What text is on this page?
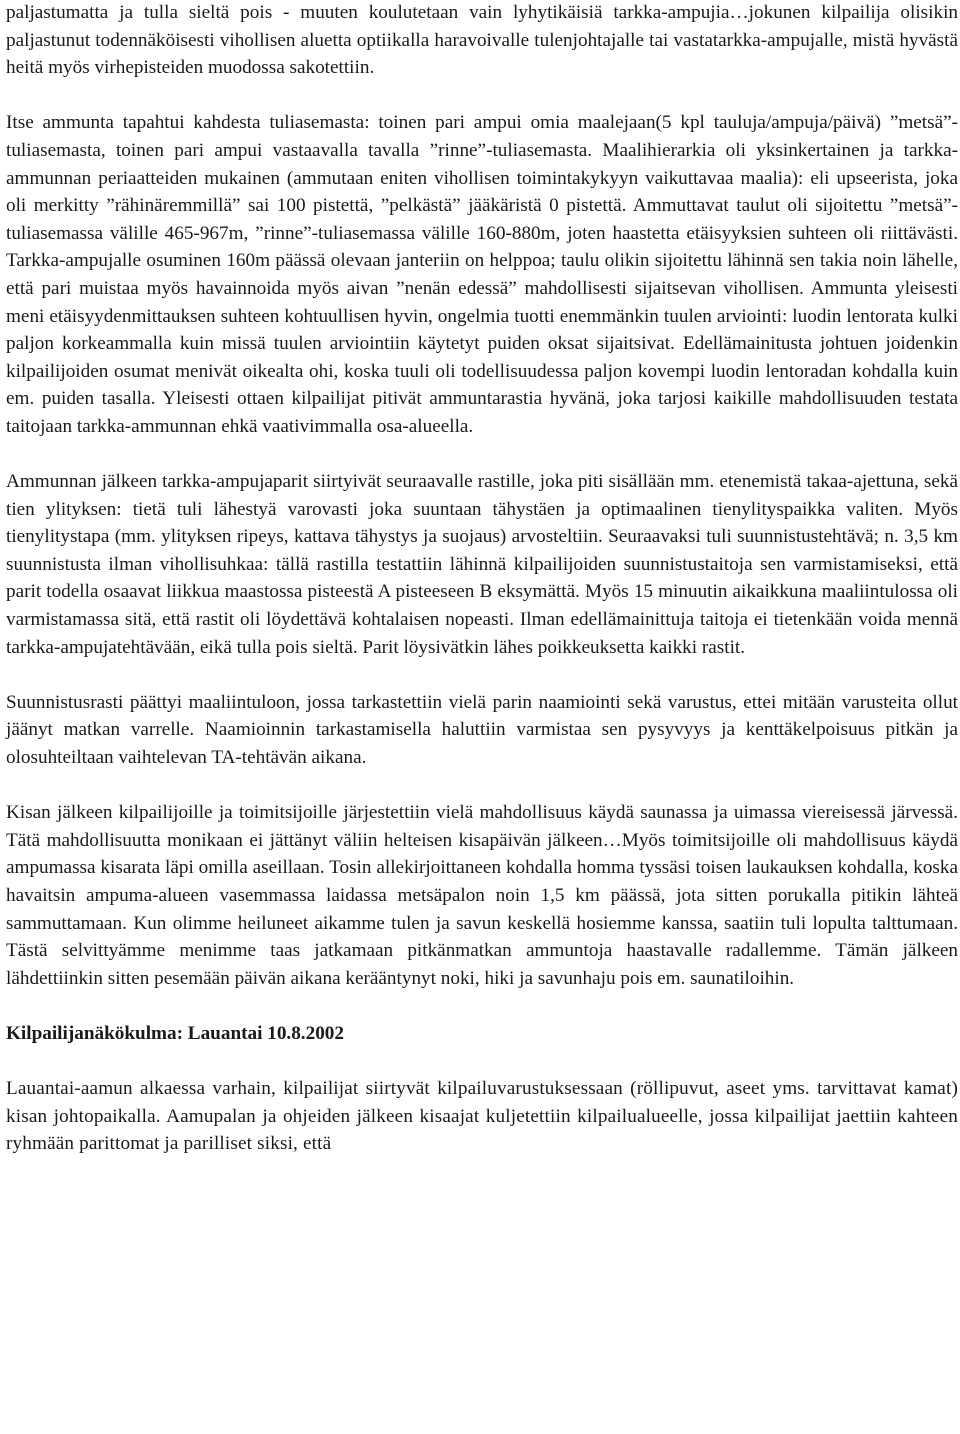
paljastumatta ja tulla sieltä pois - muuten koulutetaan vain lyhytikäisiä tarkka-ampujia…jokunen kilpailija olisikin paljastunut todennäköisesti vihollisen aluetta optiikalla haravoivalle tulenjohtajalle tai vastatarkka-ampujalle, mistä hyvästä heitä myös virhepisteiden muodossa sakotettiin.

Itse ammunta tapahtui kahdesta tuliasemasta: toinen pari ampui omia maalejaan(5 kpl tauluja/ampuja/päivä) ”metsä”-tuliasemasta, toinen pari ampui vastaavalla tavalla ”rinne”-tuliasemasta. Maalihierarkia oli yksinkertainen ja tarkka-ammunnan periaatteiden mukainen (ammutaan eniten vihollisen toimintakykyyn vaikuttavaa maalia): eli upseerista, joka oli merkitty ”rähinäremmillä” sai 100 pistettä, ”pelkästä” jääkäristä 0 pistettä. Ammuttavat taulut oli sijoitettu ”metsä”-tuliasemassa välille 465-967m, ”rinne”-tuliasemassa välille 160-880m, joten haastetta etäisyyksien suhteen oli riittävästi. Tarkka-ampujalle osuminen 160m päässä olevaan janteriin on helppoa; taulu olikin sijoitettu lähinnä sen takia noin lähelle, että pari muistaa myös havainnoida myös aivan ”nenän edessä” mahdollisesti sijaitsevan vihollisen. Ammunta yleisesti meni etäisyydenmittauksen suhteen kohtuullisen hyvin, ongelmia tuotti enemmänkin tuulen arviointi: luodin lentorata kulki paljon korkeammalla kuin missä tuulen arviointiin käytetyt puiden oksat sijaitsivat. Edellämainitusta johtuen joidenkin kilpailijoiden osumat menivät oikealta ohi, koska tuuli oli todellisuudessa paljon kovempi luodin lentoradan kohdalla kuin em. puiden tasalla. Yleisesti ottaen kilpailijat pitivät ammuntarastia hyvänä, joka tarjosi kaikille mahdollisuuden testata taitojaan tarkka-ammunnan ehkä vaativimmalla osa-alueella.

Ammunnan jälkeen tarkka-ampujaparit siirtyivät seuraavalle rastille, joka piti sisällään mm. etenemistä takaa-ajettuna, sekä tien ylityksen: tietä tuli lähestyä varovasti joka suuntaan tähystäen ja optimaalinen tienylityspaikka valiten. Myös tienylitystapa (mm. ylityksen ripeys, kattava tähystys ja suojaus) arvosteltiin. Seuraavaksi tuli suunnistustehtävä; n. 3,5 km suunnistusta ilman vihollisuhkaa: tällä rastilla testattiin lähinnä kilpailijoiden suunnistustaitoja sen varmistamiseksi, että parit todella osaavat liikkua maastossa pisteestä A pisteeseen B eksymättä. Myös 15 minuutin aikaikkuna maaliintulossa oli varmistamassa sitä, että rastit oli löydettävä kohtalaisen nopeasti. Ilman edellämainittuja taitoja ei tietenkään voida mennä tarkka-ampujatehtävään, eikä tulla pois sieltä. Parit löysivätkin lähes poikkeuksetta kaikki rastit.

Suunnistusrasti päättyi maaliintuloon, jossa tarkastettiin vielä parin naamiointi sekä varustus, ettei mitään varusteita ollut jäänyt matkan varrelle. Naamioinnin tarkastamisella haluttiin varmistaa sen pysyvyys ja kenttäkelpoisuus pitkän ja olosuhteiltaan vaihtelevan TA-tehtävän aikana.

Kisan jälkeen kilpailijoille ja toimitsijoille järjestettiin vielä mahdollisuus käydä saunassa ja uimassa viereisessä järvessä. Tätä mahdollisuutta monikaan ei jättänyt väliin helteisen kisapäivän jälkeen…Myös toimitsijoille oli mahdollisuus käydä ampumassa kisarata läpi omilla aseillaan. Tosin allekirjoittaneen kohdalla homma tyssäsi toisen laukauksen kohdalla, koska havaitsin ampuma-alueen vasemmassa laidassa metsäpalon noin 1,5 km päässä, jota sitten porukalla pitikin lähteä sammuttamaan. Kun olimme heiluneet aikamme tulen ja savun keskellä hosiemme kanssa, saatiin tuli lopulta talttumaan. Tästä selvittyämme menimme taas jatkamaan pitkänmatkan ammuntoja haastavalle radallemme. Tämän jälkeen lähdettiinkin sitten pesemään päivän aikana kerääntynyt noki, hiki ja savunhaju pois em. saunatiloihin.

Kilpailijanäkökulma: Lauantai 10.8.2002

Lauantai-aamun alkaessa varhain, kilpailijat siirtyvät kilpailuvarustuksessaan (röllipuvut, aseet yms. tarvittavat kamat) kisan johtopaikalla. Aamupalan ja ohjeiden jälkeen kisaajat kuljetettiin kilpailualueelle, jossa kilpailijat jaettiin kahteen ryhmään parittomat ja parilliset siksi, että
